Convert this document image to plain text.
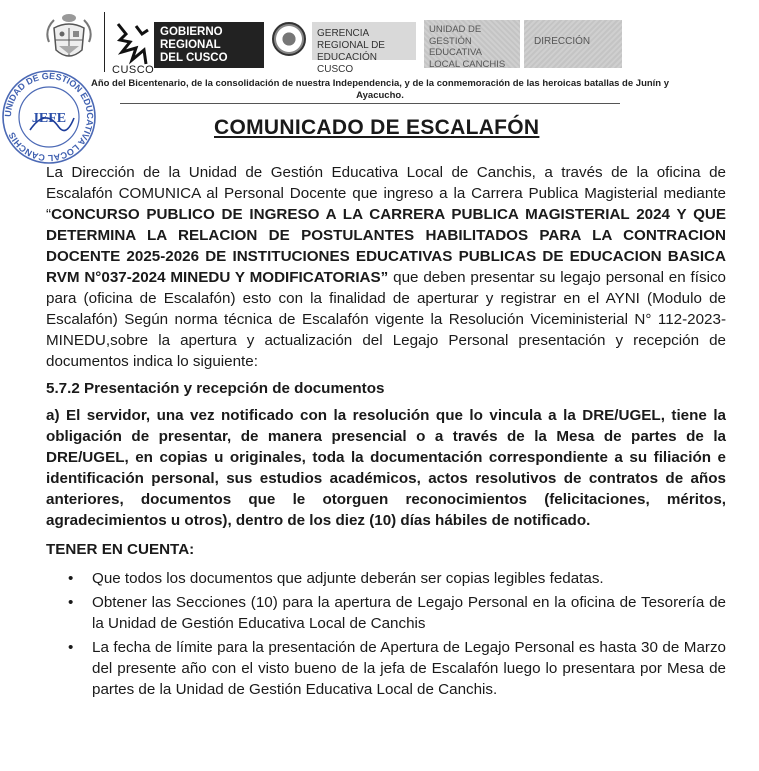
CUSCO
GOBIERNO
REGIONAL
DEL CUSCO
GERENCIA REGIONAL DE EDUCACIÓN CUSCO
UNIDAD DE GESTIÓN EDUCATIVA LOCAL CANCHIS
DIRECCIÓN
UNIDAD DE GESTIÓN EDUCATIVA LOCAL CANCHIS
JEFE
Año del Bicentenario, de la consolidación de nuestra Independencia, y de la conmemoración de las heroicas batallas de Junín y Ayacucho.
COMUNICADO DE ESCALAFÓN

La Dirección de la Unidad de Gestión Educativa Local de Canchis, a través de la oficina de Escalafón COMUNICA al Personal Docente que ingreso a la Carrera Publica Magisterial mediante “CONCURSO PUBLICO DE INGRESO A LA CARRERA PUBLICA MAGISTERIAL 2024 Y QUE DETERMINA LA RELACION DE POSTULANTES HABILITADOS PARA LA CONTRACION DOCENTE 2025-2026 DE INSTITUCIONES EDUCATIVAS PUBLICAS DE EDUCACION BASICA RVM N°037-2024 MINEDU Y MODIFICATORIAS” que deben presentar su legajo personal en físico para (oficina de Escalafón) esto con la finalidad de aperturar y registrar en el AYNI (Modulo de Escalafón) Según norma técnica de Escalafón vigente la Resolución Viceministerial N° 112-2023-MINEDU,sobre la apertura y actualización del Legajo Personal presentación y recepción de documentos indica lo siguiente:

5.7.2 Presentación y recepción de documentos

a) El servidor, una vez notificado con la resolución que lo vincula a la DRE/UGEL, tiene la obligación de presentar, de manera presencial o a través de la Mesa de partes de la DRE/UGEL, en copias u originales, toda la documentación correspondiente a su filiación e identificación personal, sus estudios académicos, actos resolutivos de contratos de años anteriores, documentos que le otorguen reconocimientos (felicitaciones, méritos, agradecimientos u otros), dentro de los diez (10) días hábiles de notificado.

TENER EN CUENTA:

• Que todos los documentos que adjunte deberán ser copias legibles fedatas.
• Obtener las Secciones (10) para la apertura de Legajo Personal en la oficina de Tesorería de la Unidad de Gestión Educativa Local de Canchis
• La fecha de límite para la presentación de Apertura de Legajo Personal es hasta 30 de Marzo del presente año con el visto bueno de la jefa de Escalafón luego lo presentara por Mesa de partes de la Unidad de Gestión Educativa Local de Canchis.
